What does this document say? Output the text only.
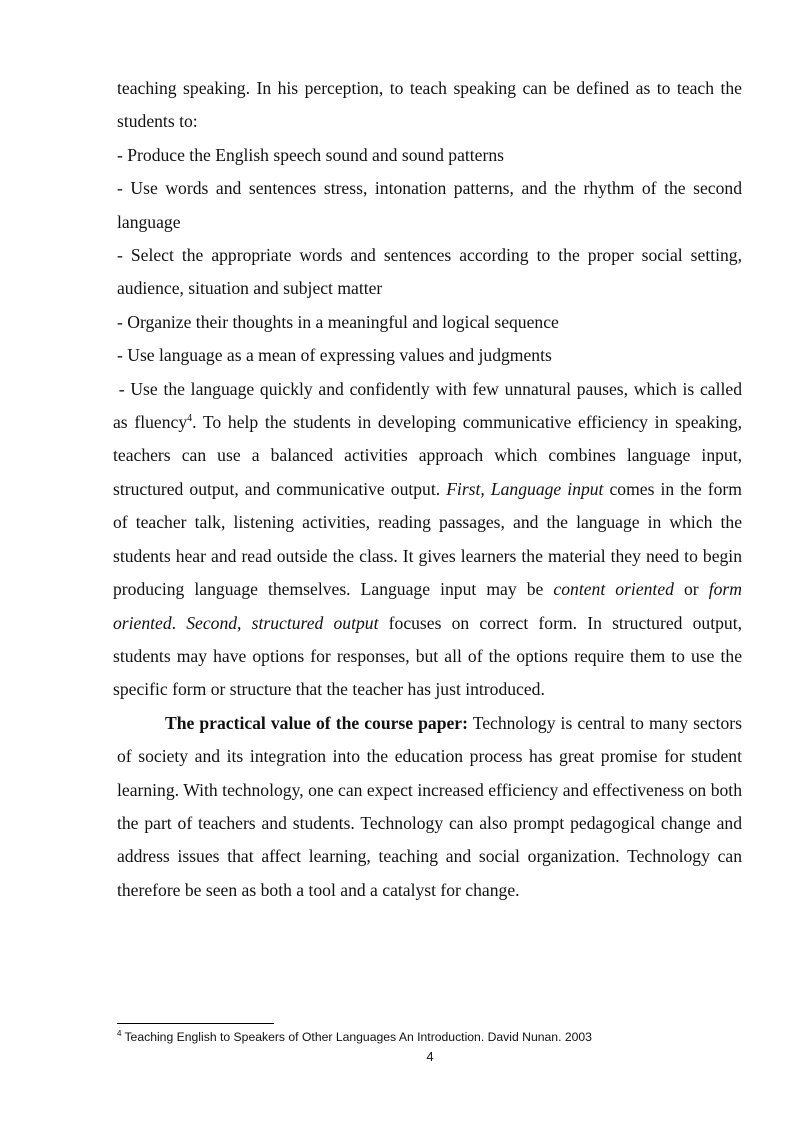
teaching speaking. In his perception, to teach speaking can be defined as to teach the students to:

- Produce the English speech sound and sound patterns

- Use words and sentences stress, intonation patterns, and the rhythm of the second language

- Select the appropriate words and sentences according to the proper social setting, audience, situation and subject matter

- Organize their thoughts in a meaningful and logical sequence

- Use language as a mean of expressing values and judgments

- Use the language quickly and confidently with few unnatural pauses, which is called as fluency$^4$. To help the students in developing communicative efficiency in speaking, teachers can use a balanced activities approach which combines language input, structured output, and communicative output. First, Language input comes in the form of teacher talk, listening activities, reading passages, and the language in which the students hear and read outside the class. It gives learners the material they need to begin producing language themselves. Language input may be content oriented or form oriented. Second, structured output focuses on correct form. In structured output, students may have options for responses, but all of the options require them to use the specific form or structure that the teacher has just introduced.

The practical value of the course paper: Technology is central to many sectors of society and its integration into the education process has great promise for student learning. With technology, one can expect increased efficiency and effectiveness on both the part of teachers and students. Technology can also prompt pedagogical change and address issues that affect learning, teaching and social organization. Technology can therefore be seen as both a tool and a catalyst for change.

$^4$ Teaching English to Speakers of Other Languages An Introduction. David Nunan. 2003
4
